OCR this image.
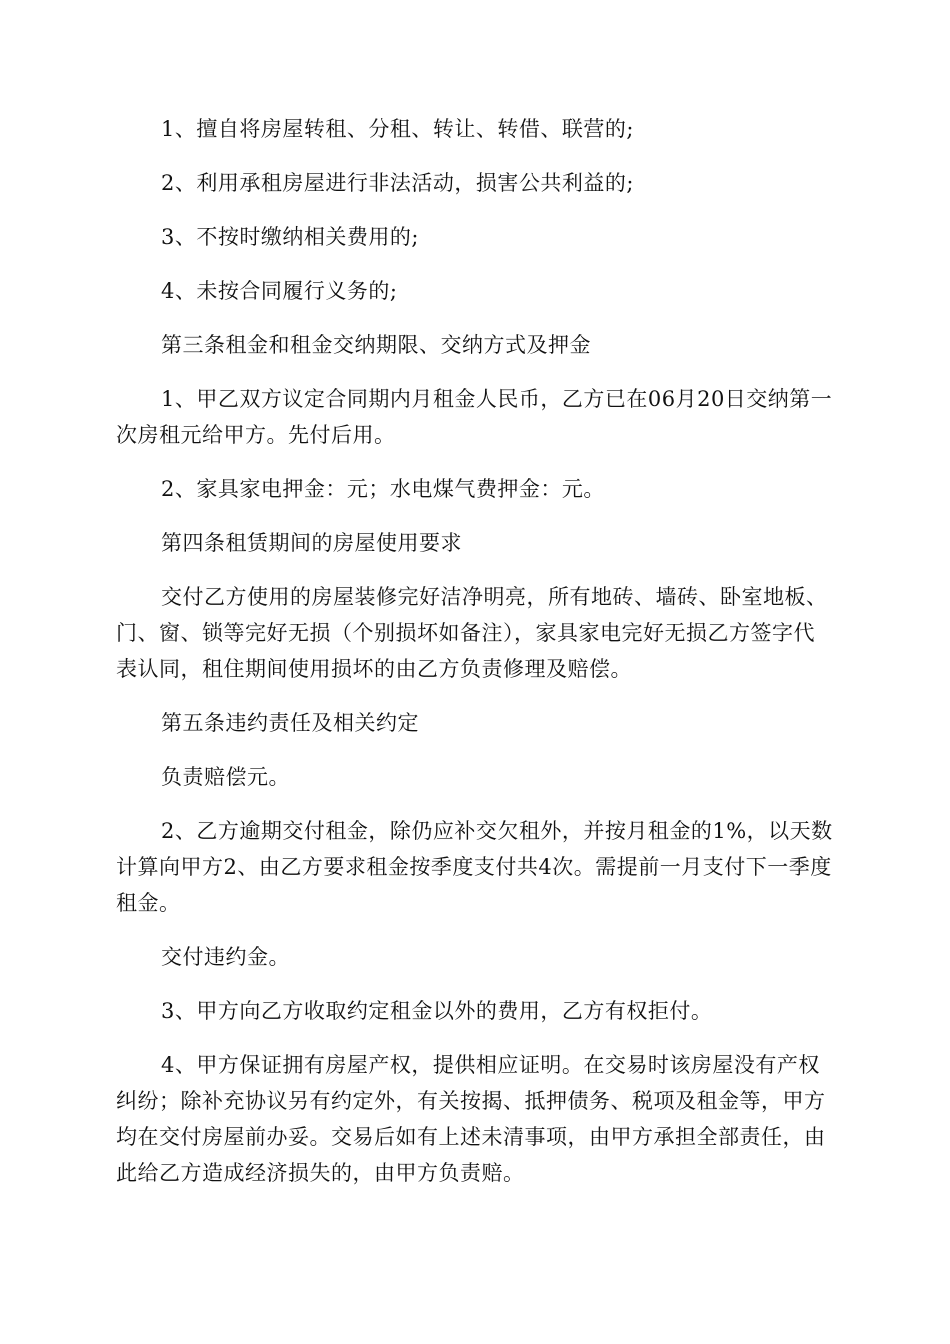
1、擅自将房屋转租、分租、转让、转借、联营的;

2、利用承租房屋进行非法活动，损害公共利益的;

3、不按时缴纳相关费用的;

4、未按合同履行义务的;

第三条租金和租金交纳期限、交纳方式及押金

1、甲乙双方议定合同期内月租金人民币，乙方已在06月20日交纳第一次房租元给甲方。先付后用。

2、家具家电押金：元；水电煤气费押金：元。

第四条租赁期间的房屋使用要求

交付乙方使用的房屋装修完好洁净明亮，所有地砖、墙砖、卧室地板、门、窗、锁等完好无损（个别损坏如备注），家具家电完好无损乙方签字代表认同，租住期间使用损坏的由乙方负责修理及赔偿。

第五条违约责任及相关约定

负责赔偿元。

2、乙方逾期交付租金，除仍应补交欠租外，并按月租金的1%，以天数计算向甲方2、由乙方要求租金按季度支付共4次。需提前一月支付下一季度租金。

交付违约金。

3、甲方向乙方收取约定租金以外的费用，乙方有权拒付。

4、甲方保证拥有房屋产权，提供相应证明。在交易时该房屋没有产权纠纷；除补充协议另有约定外，有关按揭、抵押债务、税项及租金等，甲方均在交付房屋前办妥。交易后如有上述未清事项，由甲方承担全部责任，由此给乙方造成经济损失的，由甲方负责赔。
